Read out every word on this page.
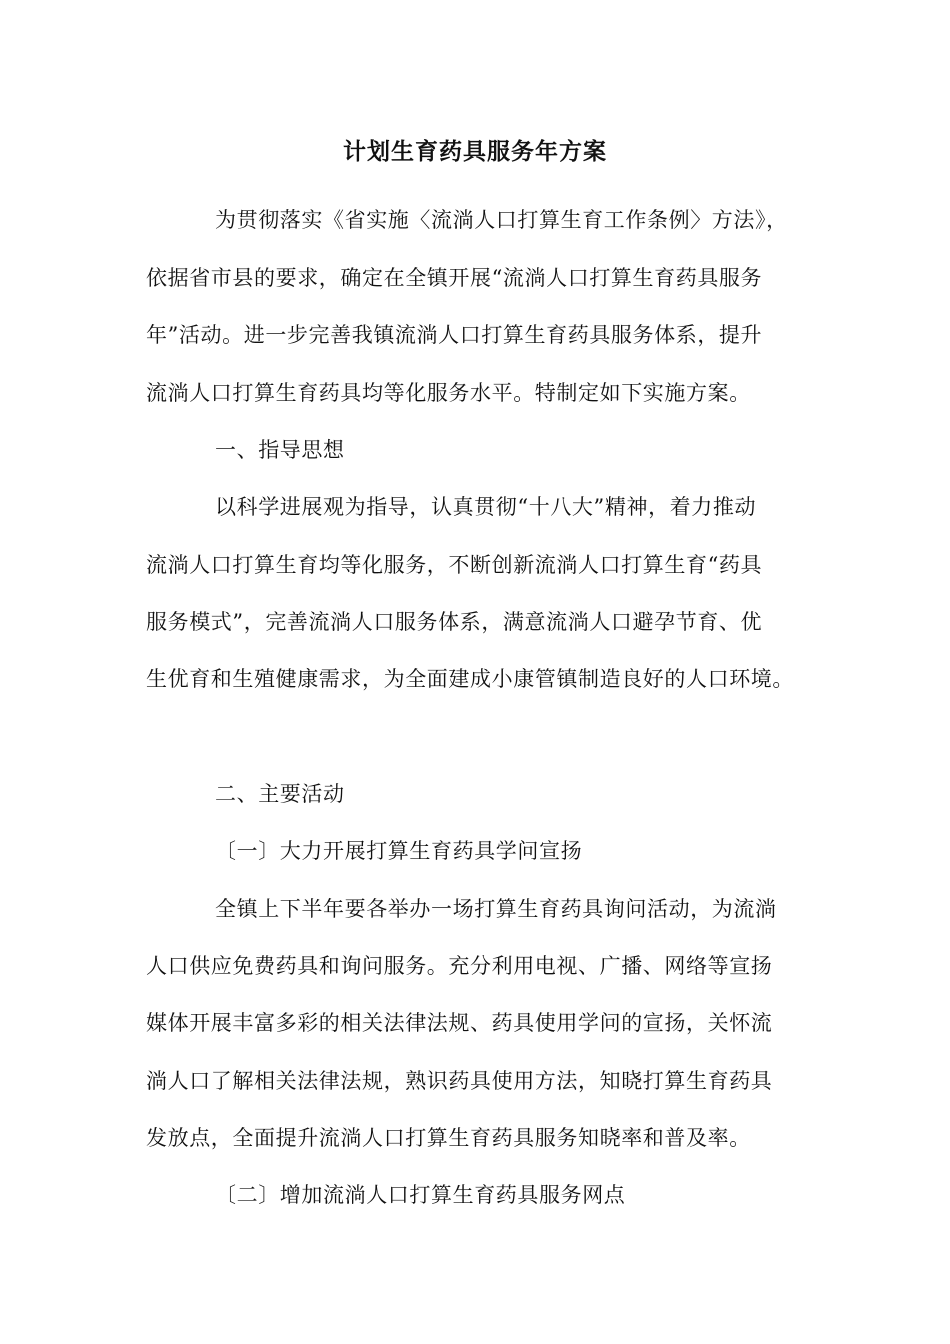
计划生育药具服务年方案

为贯彻落实《省实施〈流淌人口打算生育工作条例〉方法》，

依据省市县的要求，确定在全镇开展“流淌人口打算生育药具服务

年”活动。进一步完善我镇流淌人口打算生育药具服务体系，提升

流淌人口打算生育药具均等化服务水平。特制定如下实施方案。

一、指导思想

以科学进展观为指导，认真贯彻“十八大”精神，着力推动

流淌人口打算生育均等化服务，不断创新流淌人口打算生育“药具

服务模式”，完善流淌人口服务体系，满意流淌人口避孕节育、优

生优育和生殖健康需求，为全面建成小康管镇制造良好的人口环境。

二、主要活动

〔一〕大力开展打算生育药具学问宣扬

全镇上下半年要各举办一场打算生育药具询问活动，为流淌

人口供应免费药具和询问服务。充分利用电视、广播、网络等宣扬

媒体开展丰富多彩的相关法律法规、药具使用学问的宣扬，关怀流

淌人口了解相关法律法规，熟识药具使用方法，知晓打算生育药具

发放点，全面提升流淌人口打算生育药具服务知晓率和普及率。

〔二〕增加流淌人口打算生育药具服务网点
